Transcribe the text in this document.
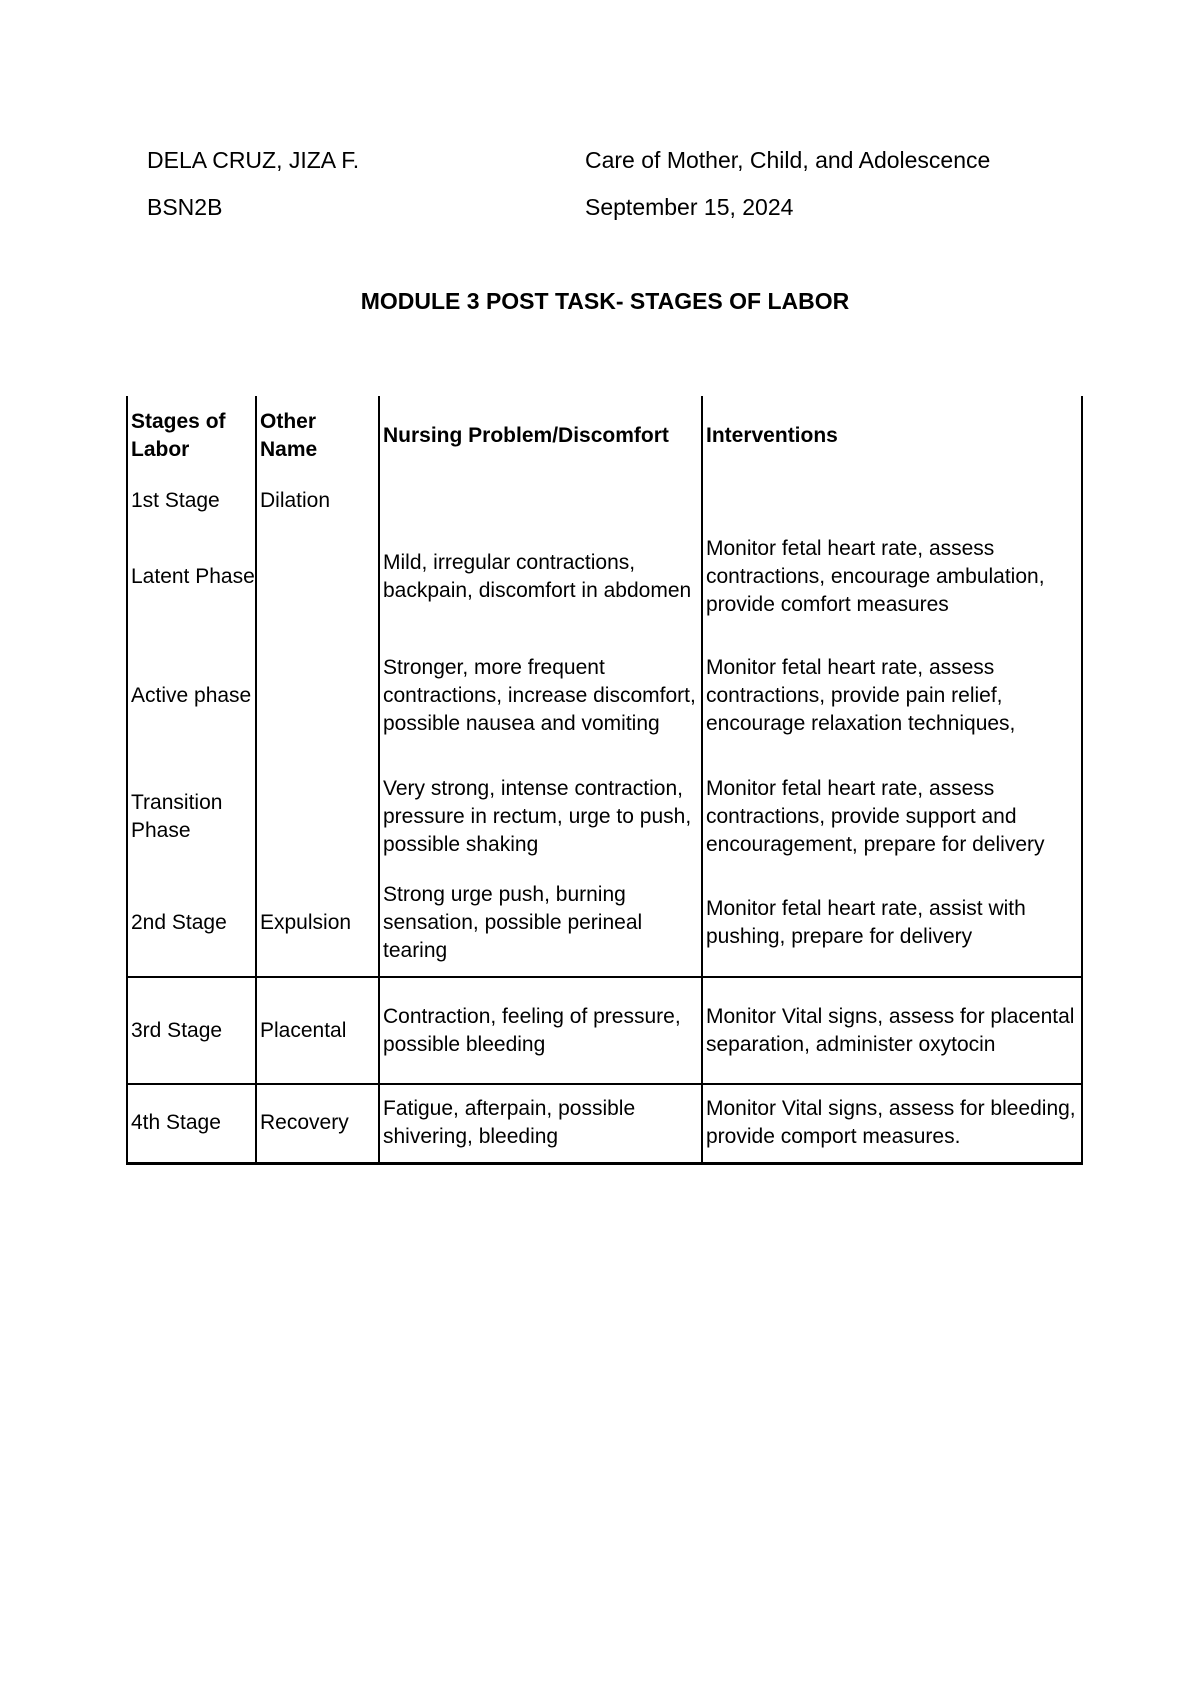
DELA CRUZ, JIZA F.	Care of Mother, Child, and Adolescence
BSN2B	September 15, 2024
MODULE 3 POST TASK- STAGES OF LABOR
Stages of Labor	Other Name	Nursing Problem/Discomfort	Interventions
1st Stage	Dilation		
Latent Phase		Mild, irregular contractions, backpain, discomfort in abdomen	Monitor fetal heart rate, assess contractions, encourage ambulation, provide comfort measures
Active phase		Stronger, more frequent contractions, increase discomfort, possible nausea and vomiting	Monitor fetal heart rate, assess contractions, provide pain relief, encourage relaxation techniques,
Transition Phase		Very strong, intense contraction, pressure in rectum, urge to push, possible shaking	Monitor fetal heart rate, assess contractions, provide support and encouragement, prepare for delivery
2nd Stage	Expulsion	Strong urge push, burning sensation, possible perineal tearing	Monitor fetal heart rate, assist with pushing, prepare for delivery
3rd Stage	Placental	Contraction, feeling of pressure, possible bleeding	Monitor Vital signs, assess for placental separation, administer oxytocin
4th Stage	Recovery	Fatigue, afterpain, possible shivering, bleeding	Monitor Vital signs, assess for bleeding, provide comport measures.
